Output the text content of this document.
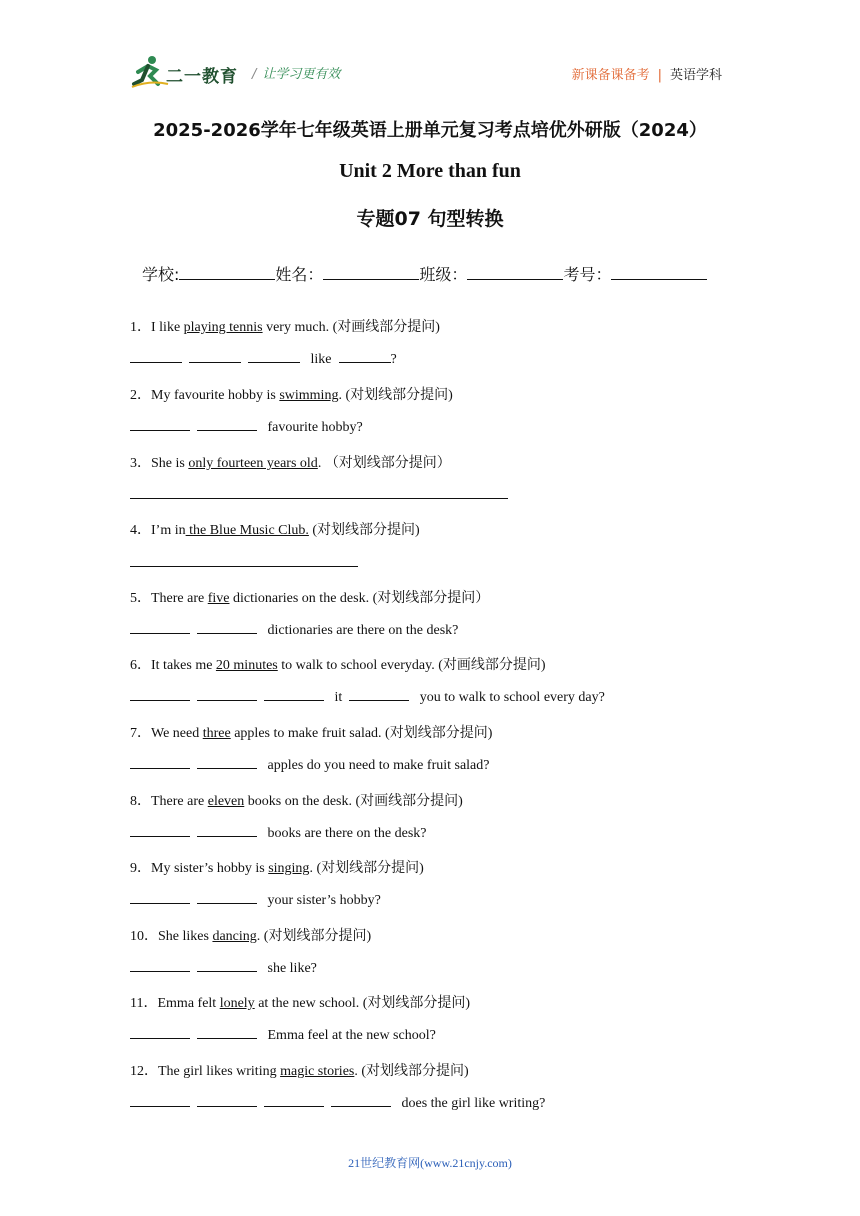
二一教育 / 让学习更有效	新课备课备考 | 英语学科
2025-2026学年七年级英语上册单元复习考点培优外研版（2024）
Unit 2 More than fun
专题07 句型转换
学校:	姓名：	班级：	考号：
1．I like playing tennis very much. (对画线部分提问)
like	?
2．My favourite hobby is swimming. (对划线部分提问)
favourite hobby?
3．She is only fourteen years old. （对划线部分提问）
4．I’m in the Blue Music Club. (对划线部分提问)
5．There are five dictionaries on the desk. (对划线部分提问）
dictionaries are there on the desk?
6．It takes me 20 minutes to walk to school everyday. (对画线部分提问)
it	you to walk to school every day?
7．We need three apples to make fruit salad. (对划线部分提问)
apples do you need to make fruit salad?
8．There are eleven books on the desk. (对画线部分提问)
books are there on the desk?
9．My sister’s hobby is singing. (对划线部分提问)
your sister’s hobby?
10．She likes dancing. (对划线部分提问)
she like?
11．Emma felt lonely at the new school. (对划线部分提问)
Emma feel at the new school?
12．The girl likes writing magic stories. (对划线部分提问)
does the girl like writing?
21世纪教育网(www.21cnjy.com)
